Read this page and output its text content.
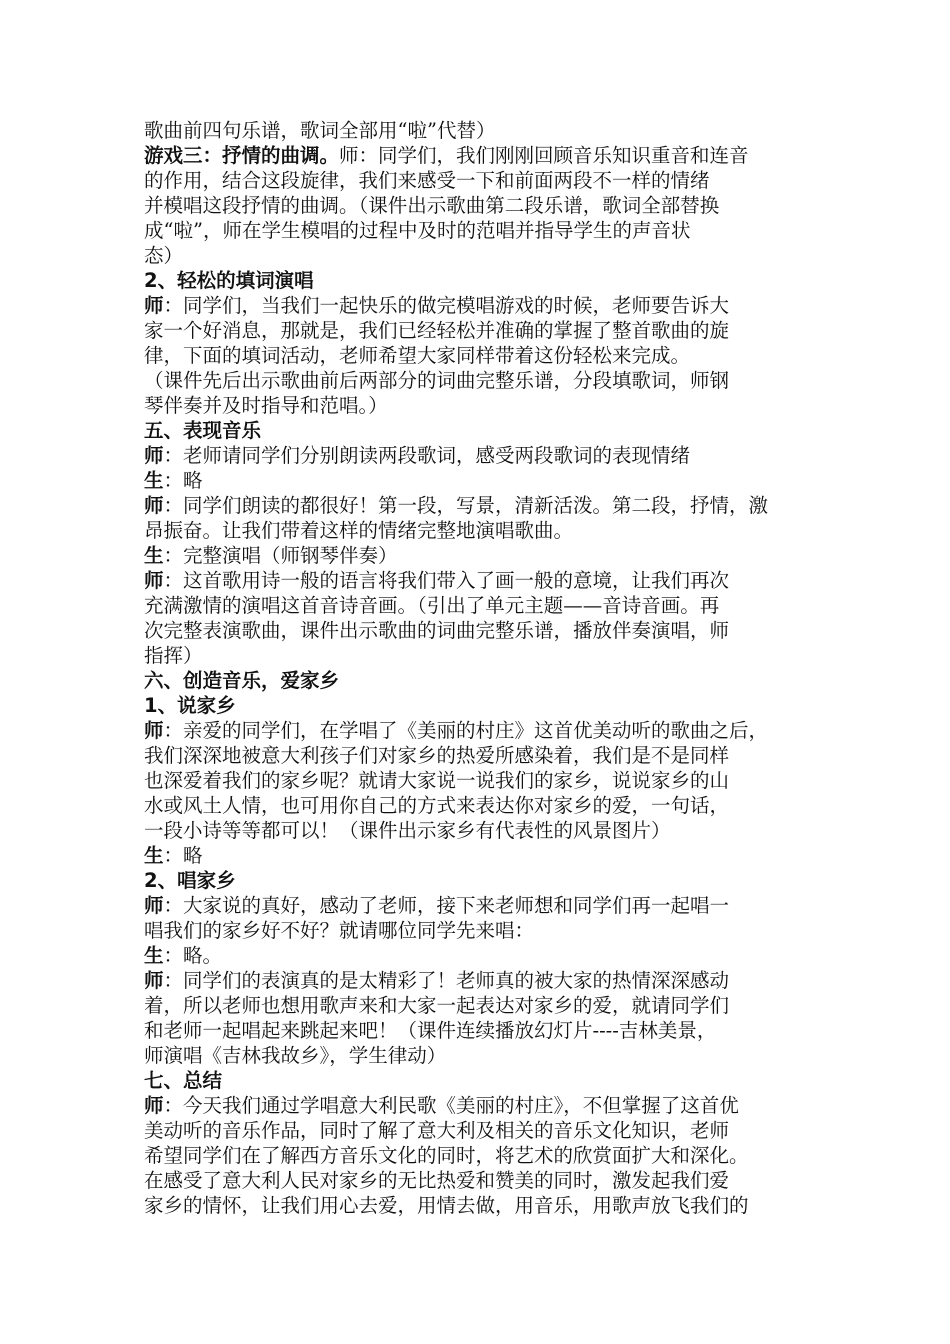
歌曲前四句乐谱，歌词全部用“啦”代替）
游戏三：抒情的曲调。师：同学们，我们刚刚回顾音乐知识重音和连音
的作用，结合这段旋律，我们来感受一下和前面两段不一样的情绪
并模唱这段抒情的曲调。（课件出示歌曲第二段乐谱，歌词全部替换
成“啦”，师在学生模唱的过程中及时的范唱并指导学生的声音状
态）
2、轻松的填词演唱
师：同学们，当我们一起快乐的做完模唱游戏的时候，老师要告诉大
家一个好消息，那就是，我们已经轻松并准确的掌握了整首歌曲的旋
律，下面的填词活动，老师希望大家同样带着这份轻松来完成。
（课件先后出示歌曲前后两部分的词曲完整乐谱，分段填歌词，师钢
琴伴奏并及时指导和范唱。）
五、表现音乐
师：老师请同学们分别朗读两段歌词，感受两段歌词的表现情绪
生：略
师：同学们朗读的都很好！第一段，写景，清新活泼。第二段，抒情，激
昂振奋。让我们带着这样的情绪完整地演唱歌曲。
生：完整演唱（师钢琴伴奏）
师：这首歌用诗一般的语言将我们带入了画一般的意境，让我们再次
充满激情的演唱这首音诗音画。（引出了单元主题——音诗音画。再
次完整表演歌曲，课件出示歌曲的词曲完整乐谱，播放伴奏演唱，师
指挥）
六、创造音乐，爱家乡
1、说家乡
师：亲爱的同学们，在学唱了《美丽的村庄》这首优美动听的歌曲之后，
我们深深地被意大利孩子们对家乡的热爱所感染着，我们是不是同样
也深爱着我们的家乡呢？就请大家说一说我们的家乡，说说家乡的山
水或风土人情，也可用你自己的方式来表达你对家乡的爱，一句话，
一段小诗等等都可以！（课件出示家乡有代表性的风景图片）
生：略
2、唱家乡
师：大家说的真好，感动了老师，接下来老师想和同学们再一起唱一
唱我们的家乡好不好？就请哪位同学先来唱：
生：略。
师：同学们的表演真的是太精彩了！老师真的被大家的热情深深感动
着，所以老师也想用歌声来和大家一起表达对家乡的爱，就请同学们
和老师一起唱起来跳起来吧！（课件连续播放幻灯片----吉林美景，
师演唱《吉林我故乡》，学生律动）
七、总结
师：今天我们通过学唱意大利民歌《美丽的村庄》，不但掌握了这首优
美动听的音乐作品，同时了解了意大利及相关的音乐文化知识，老师
希望同学们在了解西方音乐文化的同时，将艺术的欣赏面扩大和深化。
在感受了意大利人民对家乡的无比热爱和赞美的同时，激发起我们爱
家乡的情怀，让我们用心去爱，用情去做，用音乐，用歌声放飞我们的
